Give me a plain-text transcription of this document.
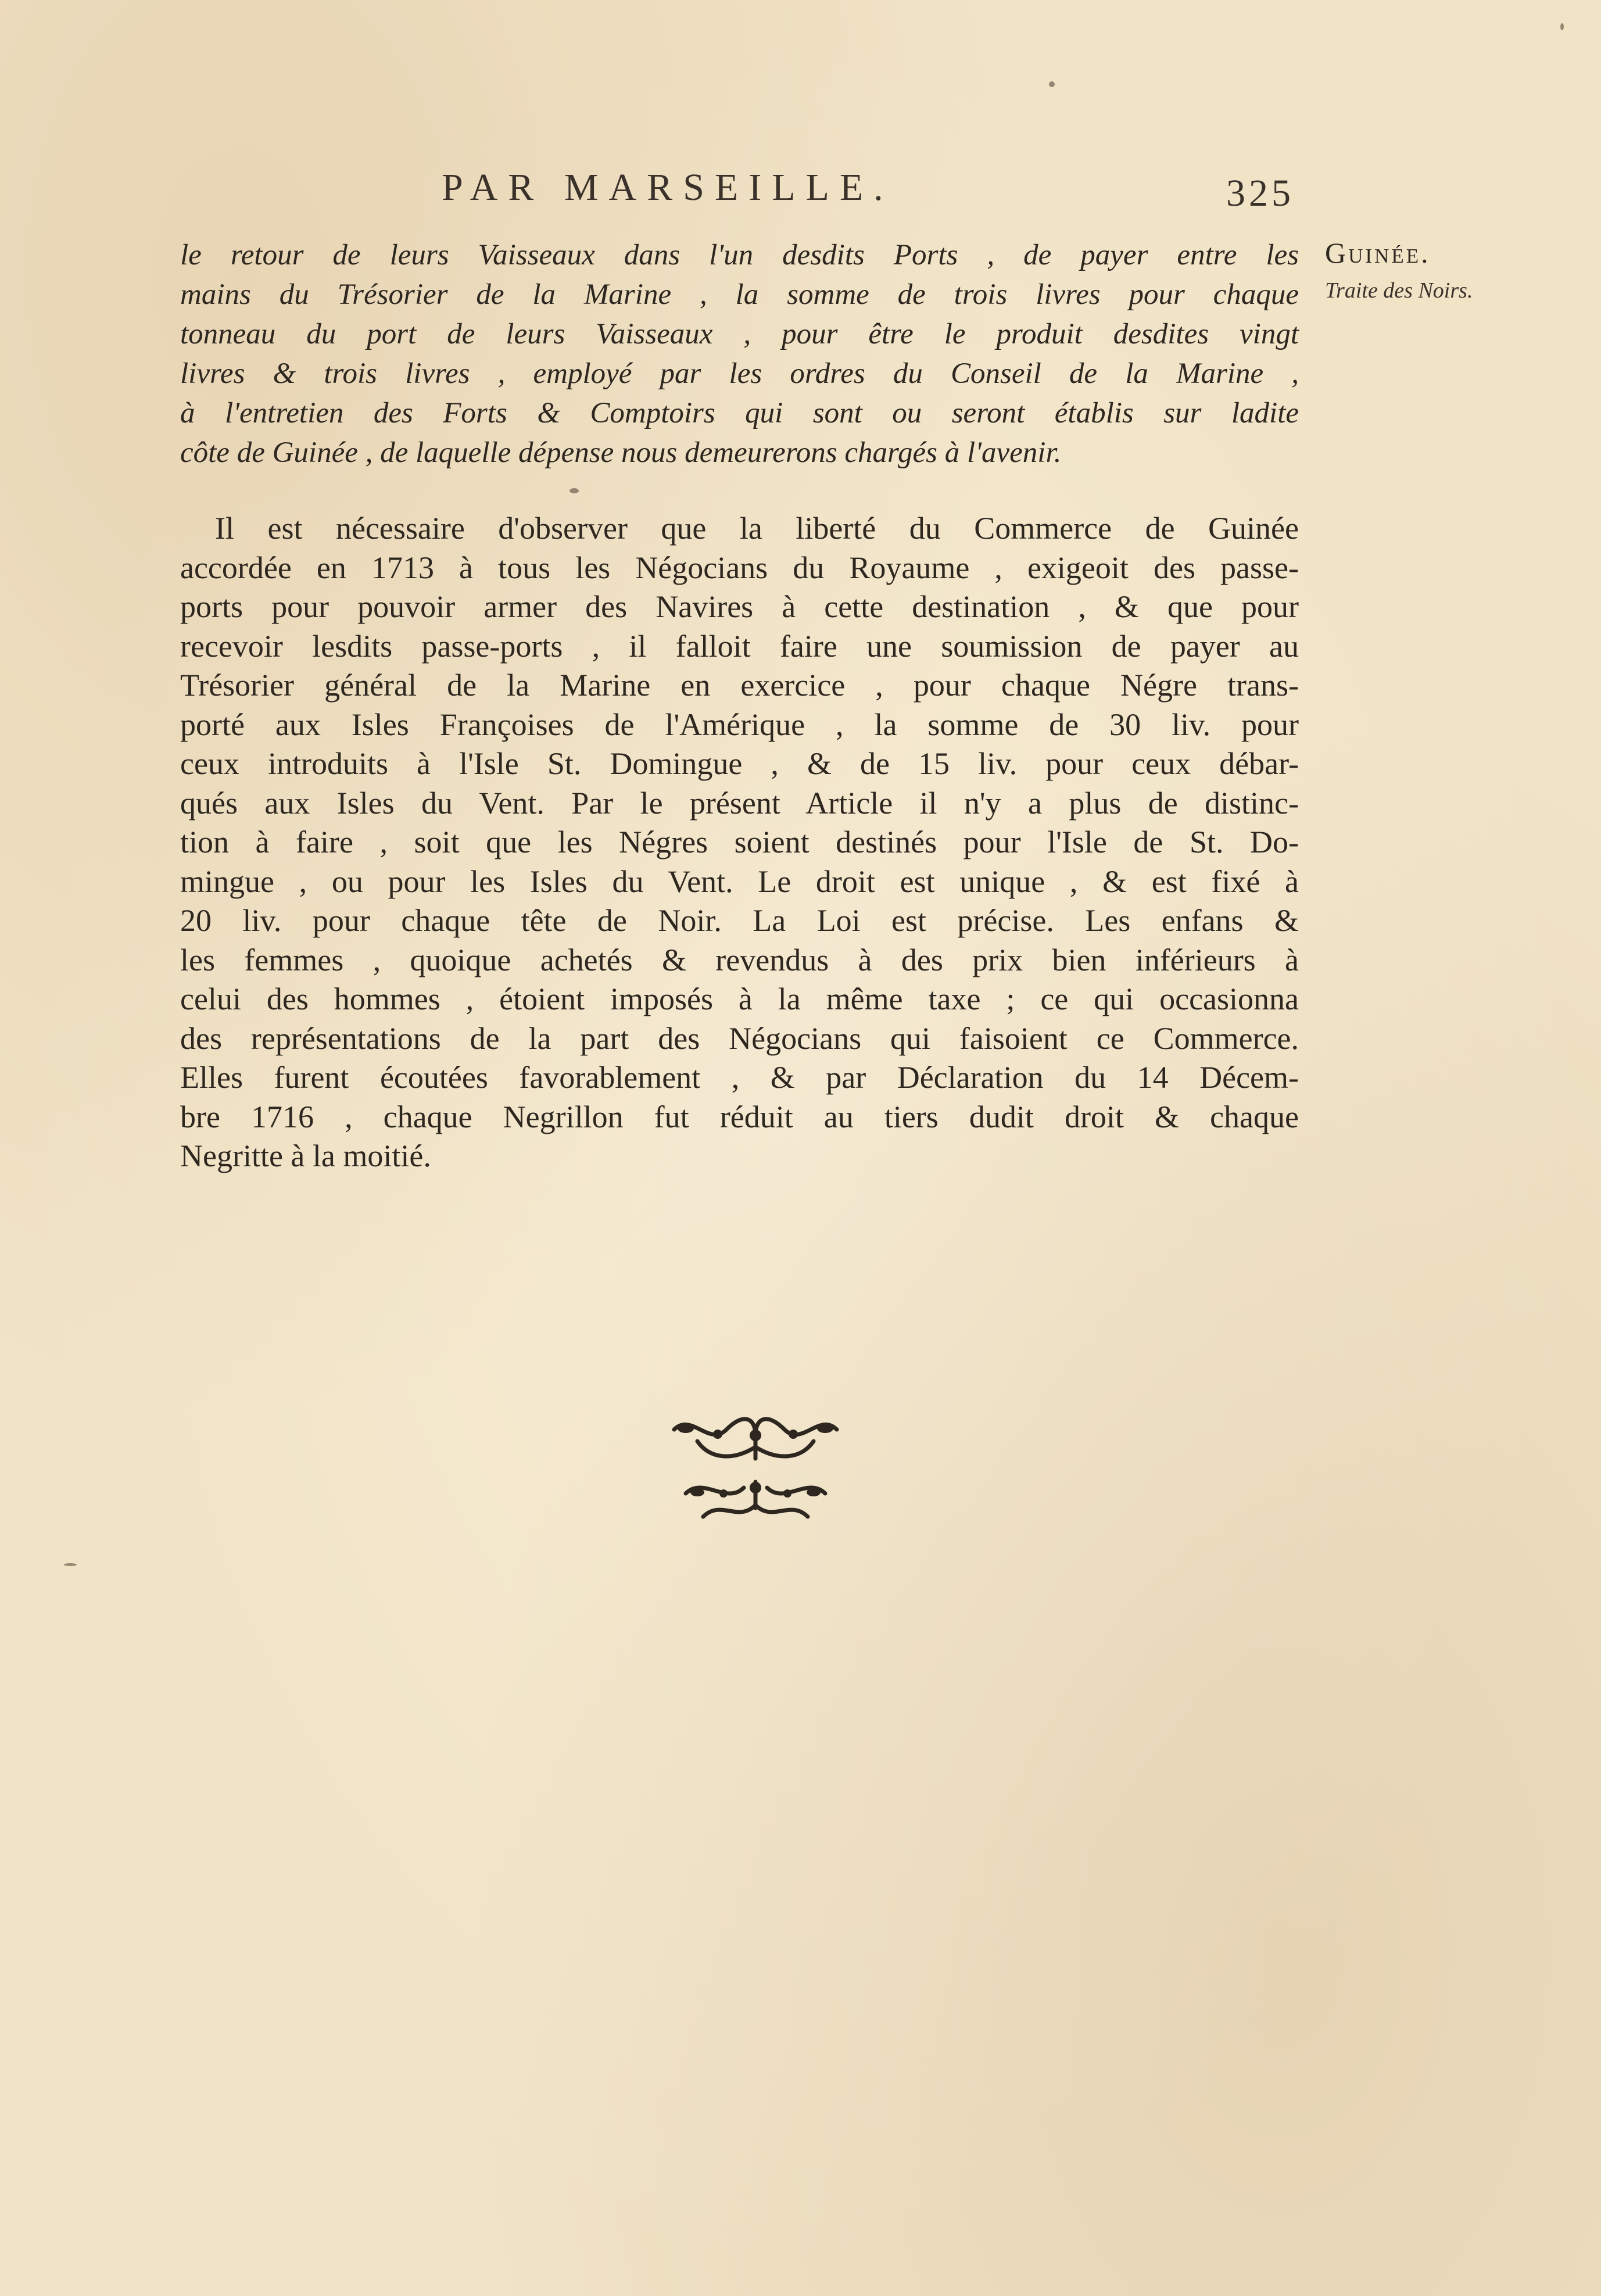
PAR MARSEILLE.	325
Guinée.
Traite des Noirs.
le retour de leurs Vaisseaux dans l'un desdits Ports , de payer entre les
mains du Trésorier de la Marine , la somme de trois livres pour chaque
tonneau du port de leurs Vaisseaux , pour être le produit desdites vingt
livres & trois livres , employé par les ordres du Conseil de la Marine ,
à l'entretien des Forts & Comptoirs qui sont ou seront établis sur ladite
côte de Guinée , de laquelle dépense nous demeurerons chargés à l'avenir.
Il est nécessaire d'observer que la liberté du Commerce de Guinée
accordée en 1713 à tous les Négocians du Royaume , exigeoit des passe-
ports pour pouvoir armer des Navires à cette destination , & que pour
recevoir lesdits passe-ports , il falloit faire une soumission de payer au
Trésorier général de la Marine en exercice , pour chaque Négre trans-
porté aux Isles Françoises de l'Amérique , la somme de 30 liv. pour
ceux introduits à l'Isle St. Domingue , & de 15 liv. pour ceux débar-
qués aux Isles du Vent. Par le présent Article il n'y a plus de distinc-
tion à faire , soit que les Négres soient destinés pour l'Isle de St. Do-
mingue , ou pour les Isles du Vent. Le droit est unique , & est fixé à
20 liv. pour chaque tête de Noir. La Loi est précise. Les enfans &
les femmes , quoique achetés & revendus à des prix bien inférieurs à
celui des hommes , étoient imposés à la même taxe ; ce qui occasionna
des représentations de la part des Négocians qui faisoient ce Commerce.
Elles furent écoutées favorablement , & par Déclaration du 14 Décem-
bre 1716 , chaque Negrillon fut réduit au tiers dudit droit & chaque
Negritte à la moitié.
